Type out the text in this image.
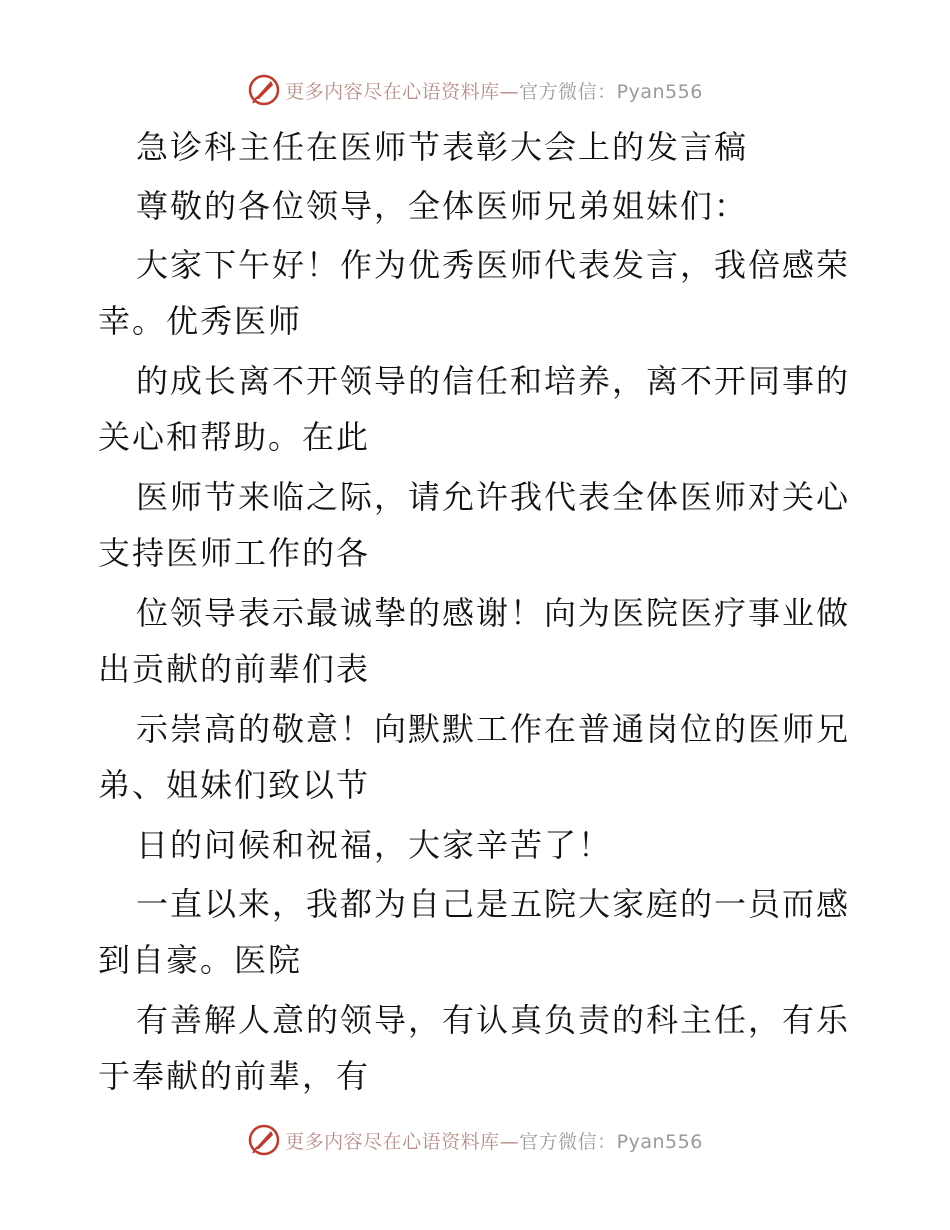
更多内容尽在心语资料库—官方微信：Pyan556
急诊科主任在医师节表彰大会上的发言稿
尊敬的各位领导，全体医师兄弟姐妹们：
大家下午好！作为优秀医师代表发言，我倍感荣
幸。优秀医师
的成长离不开领导的信任和培养，离不开同事的
关心和帮助。在此
医师节来临之际，请允许我代表全体医师对关心
支持医师工作的各
位领导表示最诚挚的感谢！向为医院医疗事业做
出贡献的前辈们表
示崇高的敬意！向默默工作在普通岗位的医师兄
弟、姐妹们致以节
日的问候和祝福，大家辛苦了！
一直以来，我都为自己是五院大家庭的一员而感
到自豪。医院
有善解人意的领导，有认真负责的科主任，有乐
于奉献的前辈，有
更多内容尽在心语资料库—官方微信：Pyan556
